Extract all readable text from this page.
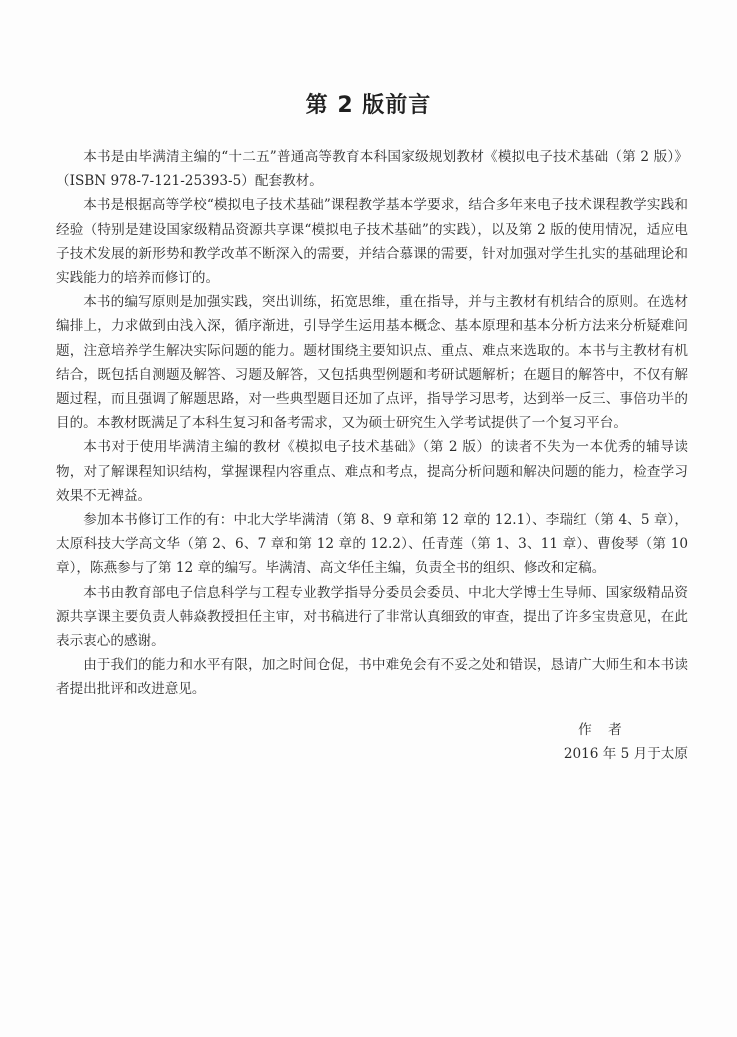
第 2 版前言

本书是由毕满清主编的“十二五”普通高等教育本科国家级规划教材《模拟电子技术基础（第 2 版）》（ISBN 978-7-121-25393-5）配套教材。

本书是根据高等学校“模拟电子技术基础”课程教学基本学要求，结合多年来电子技术课程教学实践和经验（特别是建设国家级精品资源共享课“模拟电子技术基础”的实践），以及第 2 版的使用情况，适应电子技术发展的新形势和教学改革不断深入的需要，并结合慕课的需要，针对加强对学生扎实的基础理论和实践能力的培养而修订的。

本书的编写原则是加强实践，突出训练，拓宽思维，重在指导，并与主教材有机结合的原则。在选材编排上，力求做到由浅入深，循序渐进，引导学生运用基本概念、基本原理和基本分析方法来分析疑难问题，注意培养学生解决实际问题的能力。题材围绕主要知识点、重点、难点来选取的。本书与主教材有机结合，既包括自测题及解答、习题及解答，又包括典型例题和考研试题解析；在题目的解答中，不仅有解题过程，而且强调了解题思路，对一些典型题目还加了点评，指导学习思考，达到举一反三、事倍功半的目的。本教材既满足了本科生复习和备考需求，又为硕士研究生入学考试提供了一个复习平台。

本书对于使用毕满清主编的教材《模拟电子技术基础》（第 2 版）的读者不失为一本优秀的辅导读物，对了解课程知识结构，掌握课程内容重点、难点和考点，提高分析问题和解决问题的能力，检查学习效果不无裨益。

参加本书修订工作的有：中北大学毕满清（第 8、9 章和第 12 章的 12.1）、李瑞红（第 4、5 章），太原科技大学高文华（第 2、6、7 章和第 12 章的 12.2）、任青莲（第 1、3、11 章）、曹俊琴（第 10 章），陈燕参与了第 12 章的编写。毕满清、高文华任主编，负责全书的组织、修改和定稿。

本书由教育部电子信息科学与工程专业教学指导分委员会委员、中北大学博士生导师、国家级精品资源共享课主要负责人韩焱教授担任主审，对书稿进行了非常认真细致的审查，提出了许多宝贵意见，在此表示衷心的感谢。

由于我们的能力和水平有限，加之时间仓促，书中难免会有不妥之处和错误，恳请广大师生和本书读者提出批评和改进意见。

作者
2016 年 5 月于太原
